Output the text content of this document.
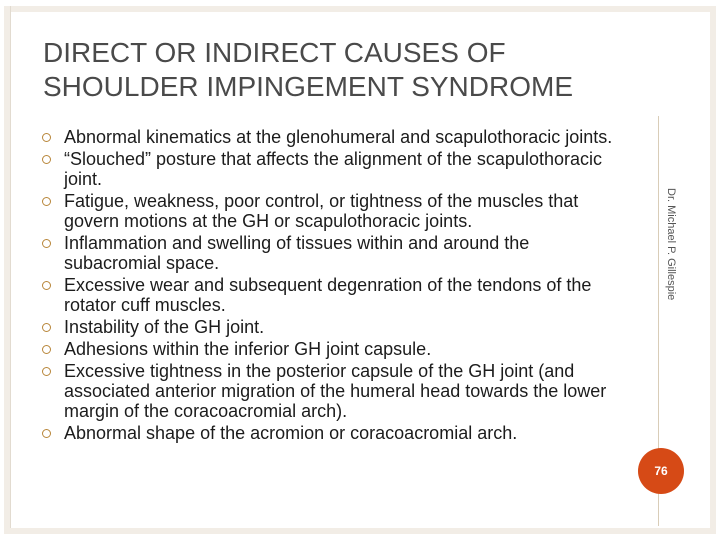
DIRECT OR INDIRECT CAUSES OF SHOULDER IMPINGEMENT SYNDROME
Abnormal kinematics at the glenohumeral and scapulothoracic joints.
“Slouched” posture that affects the alignment of the scapulothoracic joint.
Fatigue, weakness, poor control, or tightness of the muscles that govern motions at the GH or scapulothoracic joints.
Inflammation and swelling of tissues within and around the subacromial space.
Excessive wear and subsequent degenration of the tendons of the rotator cuff muscles.
Instability of the GH joint.
Adhesions within the inferior GH joint capsule.
Excessive tightness in the posterior capsule of the GH joint (and associated anterior migration of the humeral head towards the lower margin of the coracoacromial arch).
Abnormal shape of the acromion or coracoacromial arch.
Dr. Michael P. Gillespie
76
